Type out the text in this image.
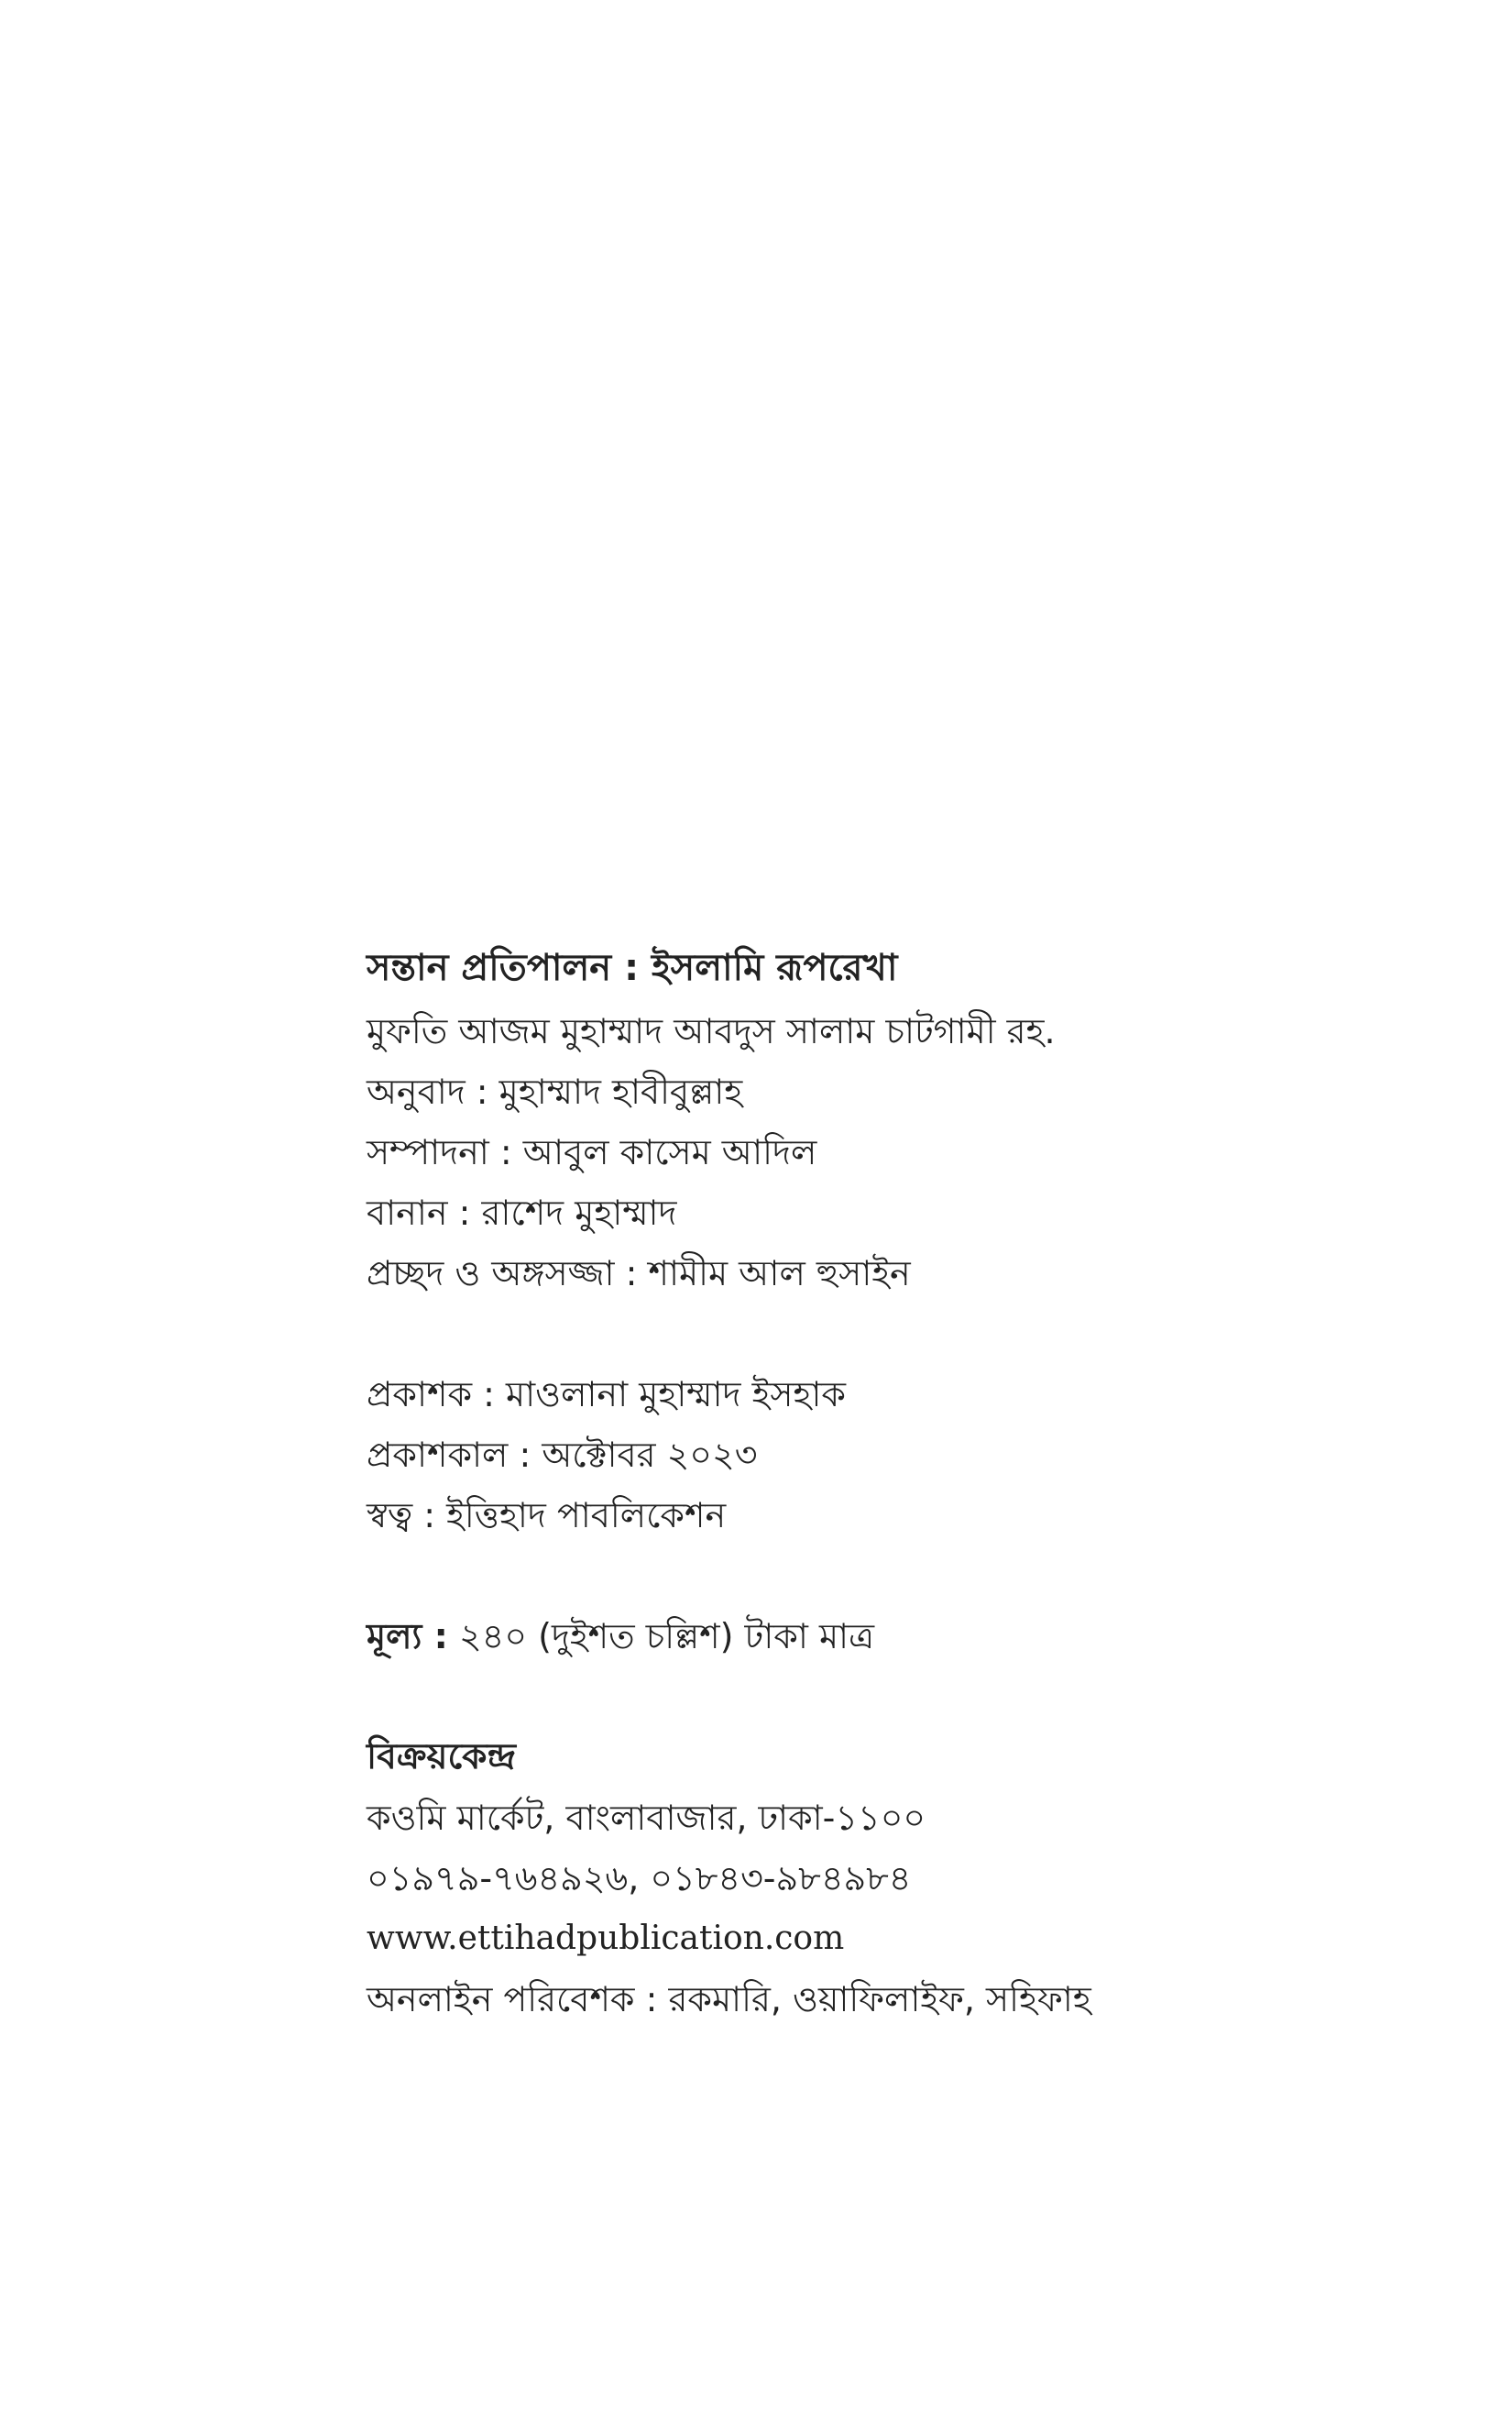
সন্তান প্রতিপালন : ইসলামি রূপরেখা

মুফতি আজম মুহাম্মাদ আবদুস সালাম চাটগামী রহ.

অনুবাদ : মুহাম্মাদ হাবীবুল্লাহ

সম্পাদনা : আবুল কাসেম আদিল

বানান : রাশেদ মুহাম্মাদ

প্রচ্ছদ ও অঙ্গসজ্জা : শামীম আল হুসাইন

প্রকাশক : মাওলানা মুহাম্মাদ ইসহাক

প্রকাশকাল : অক্টোবর ২০২৩

স্বত্ব : ইত্তিহাদ পাবলিকেশন

মূল্য : ২৪০ (দুইশত চল্লিশ) টাকা মাত্র

বিক্রয়কেন্দ্র

কওমি মার্কেট, বাংলাবাজার, ঢাকা-১১০০

০১৯৭৯-৭৬৪৯২৬, ০১৮৪৩-৯৮৪৯৮৪

www.ettihadpublication.com

অনলাইন পরিবেশক : রকমারি, ওয়াফিলাইফ, সহিফাহ
